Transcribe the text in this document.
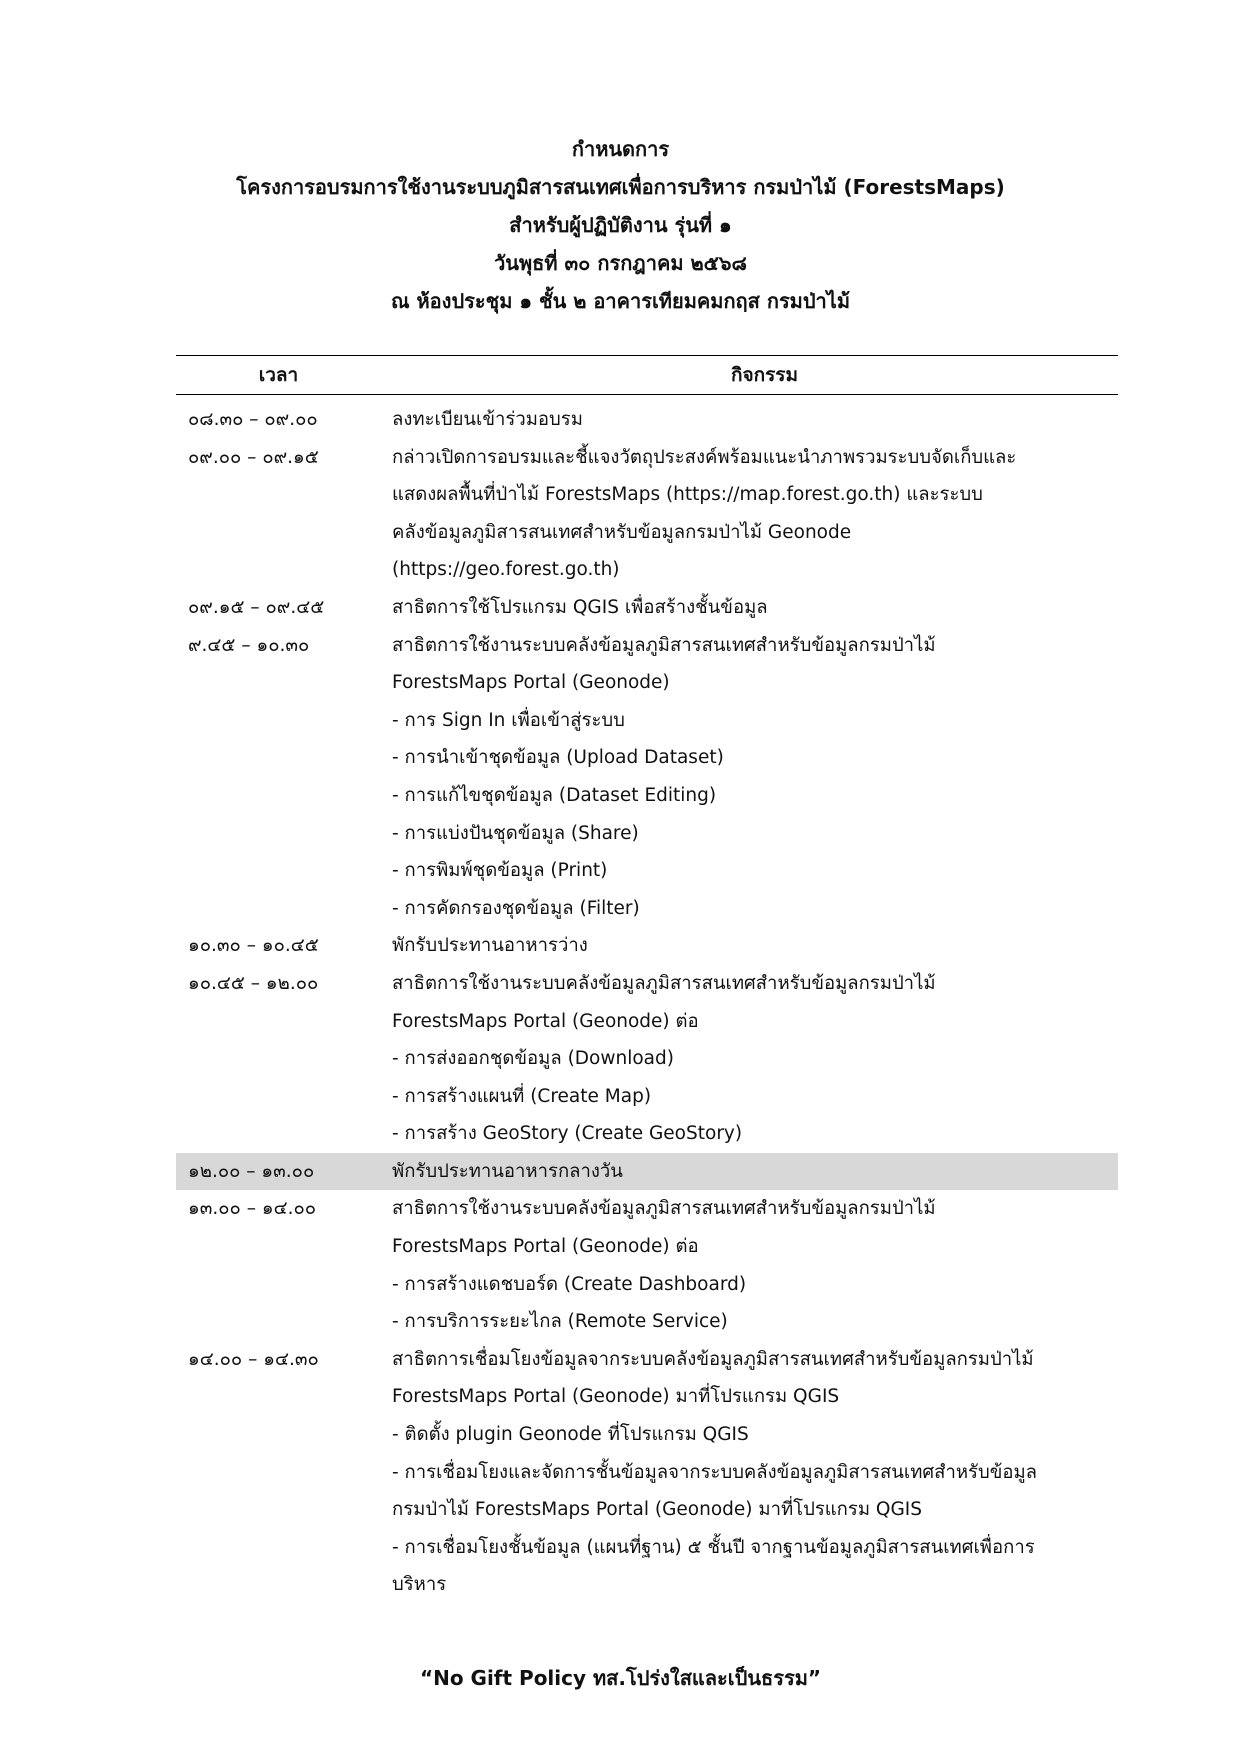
กำหนดการ
โครงการอบรมการใช้งานระบบภูมิสารสนเทศเพื่อการบริหาร กรมป่าไม้ (ForestsMaps)
สำหรับผู้ปฏิบัติงาน รุ่นที่ ๑
วันพุธที่ ๓๐ กรกฎาคม ๒๕๖๘
ณ ห้องประชุม ๑ ชั้น ๒ อาคารเทียมคมกฤส กรมป่าไม้
เวลา	กิจกรรม
๐๘.๓๐ – ๐๙.๐๐	ลงทะเบียนเข้าร่วมอบรม
๐๙.๐๐ – ๐๙.๑๕	กล่าวเปิดการอบรมและชี้แจงวัตถุประสงค์พร้อมแนะนำภาพรวมระบบจัดเก็บและ
แสดงผลพื้นที่ป่าไม้ ForestsMaps (https://map.forest.go.th) และระบบ
คลังข้อมูลภูมิสารสนเทศสำหรับข้อมูลกรมป่าไม้ Geonode
(https://geo.forest.go.th)
๐๙.๑๕ – ๐๙.๔๕	สาธิตการใช้โปรแกรม QGIS เพื่อสร้างชั้นข้อมูล
๙.๔๕ – ๑๐.๓๐	สาธิตการใช้งานระบบคลังข้อมูลภูมิสารสนเทศสำหรับข้อมูลกรมป่าไม้
ForestsMaps Portal (Geonode)
- การ Sign In เพื่อเข้าสู่ระบบ
- การนำเข้าชุดข้อมูล (Upload Dataset)
- การแก้ไขชุดข้อมูล (Dataset Editing)
- การแบ่งปันชุดข้อมูล (Share)
- การพิมพ์ชุดข้อมูล (Print)
- การคัดกรองชุดข้อมูล (Filter)
๑๐.๓๐ – ๑๐.๔๕	พักรับประทานอาหารว่าง
๑๐.๔๕ – ๑๒.๐๐	สาธิตการใช้งานระบบคลังข้อมูลภูมิสารสนเทศสำหรับข้อมูลกรมป่าไม้
ForestsMaps Portal (Geonode) ต่อ
- การส่งออกชุดข้อมูล (Download)
- การสร้างแผนที่ (Create Map)
- การสร้าง GeoStory (Create GeoStory)
๑๒.๐๐ – ๑๓.๐๐	พักรับประทานอาหารกลางวัน
๑๓.๐๐ – ๑๔.๐๐	สาธิตการใช้งานระบบคลังข้อมูลภูมิสารสนเทศสำหรับข้อมูลกรมป่าไม้
ForestsMaps Portal (Geonode) ต่อ
- การสร้างแดชบอร์ด (Create Dashboard)
- การบริการระยะไกล (Remote Service)
๑๔.๐๐ – ๑๔.๓๐	สาธิตการเชื่อมโยงข้อมูลจากระบบคลังข้อมูลภูมิสารสนเทศสำหรับข้อมูลกรมป่าไม้
ForestsMaps Portal (Geonode) มาที่โปรแกรม QGIS
- ติดตั้ง plugin Geonode ที่โปรแกรม QGIS
- การเชื่อมโยงและจัดการชั้นข้อมูลจากระบบคลังข้อมูลภูมิสารสนเทศสำหรับข้อมูล
กรมป่าไม้ ForestsMaps Portal (Geonode) มาที่โปรแกรม QGIS
- การเชื่อมโยงชั้นข้อมูล (แผนที่ฐาน) ๕ ชั้นปี จากฐานข้อมูลภูมิสารสนเทศเพื่อการ
บริหาร
“No Gift Policy ทส.โปร่งใสและเป็นธรรม”
